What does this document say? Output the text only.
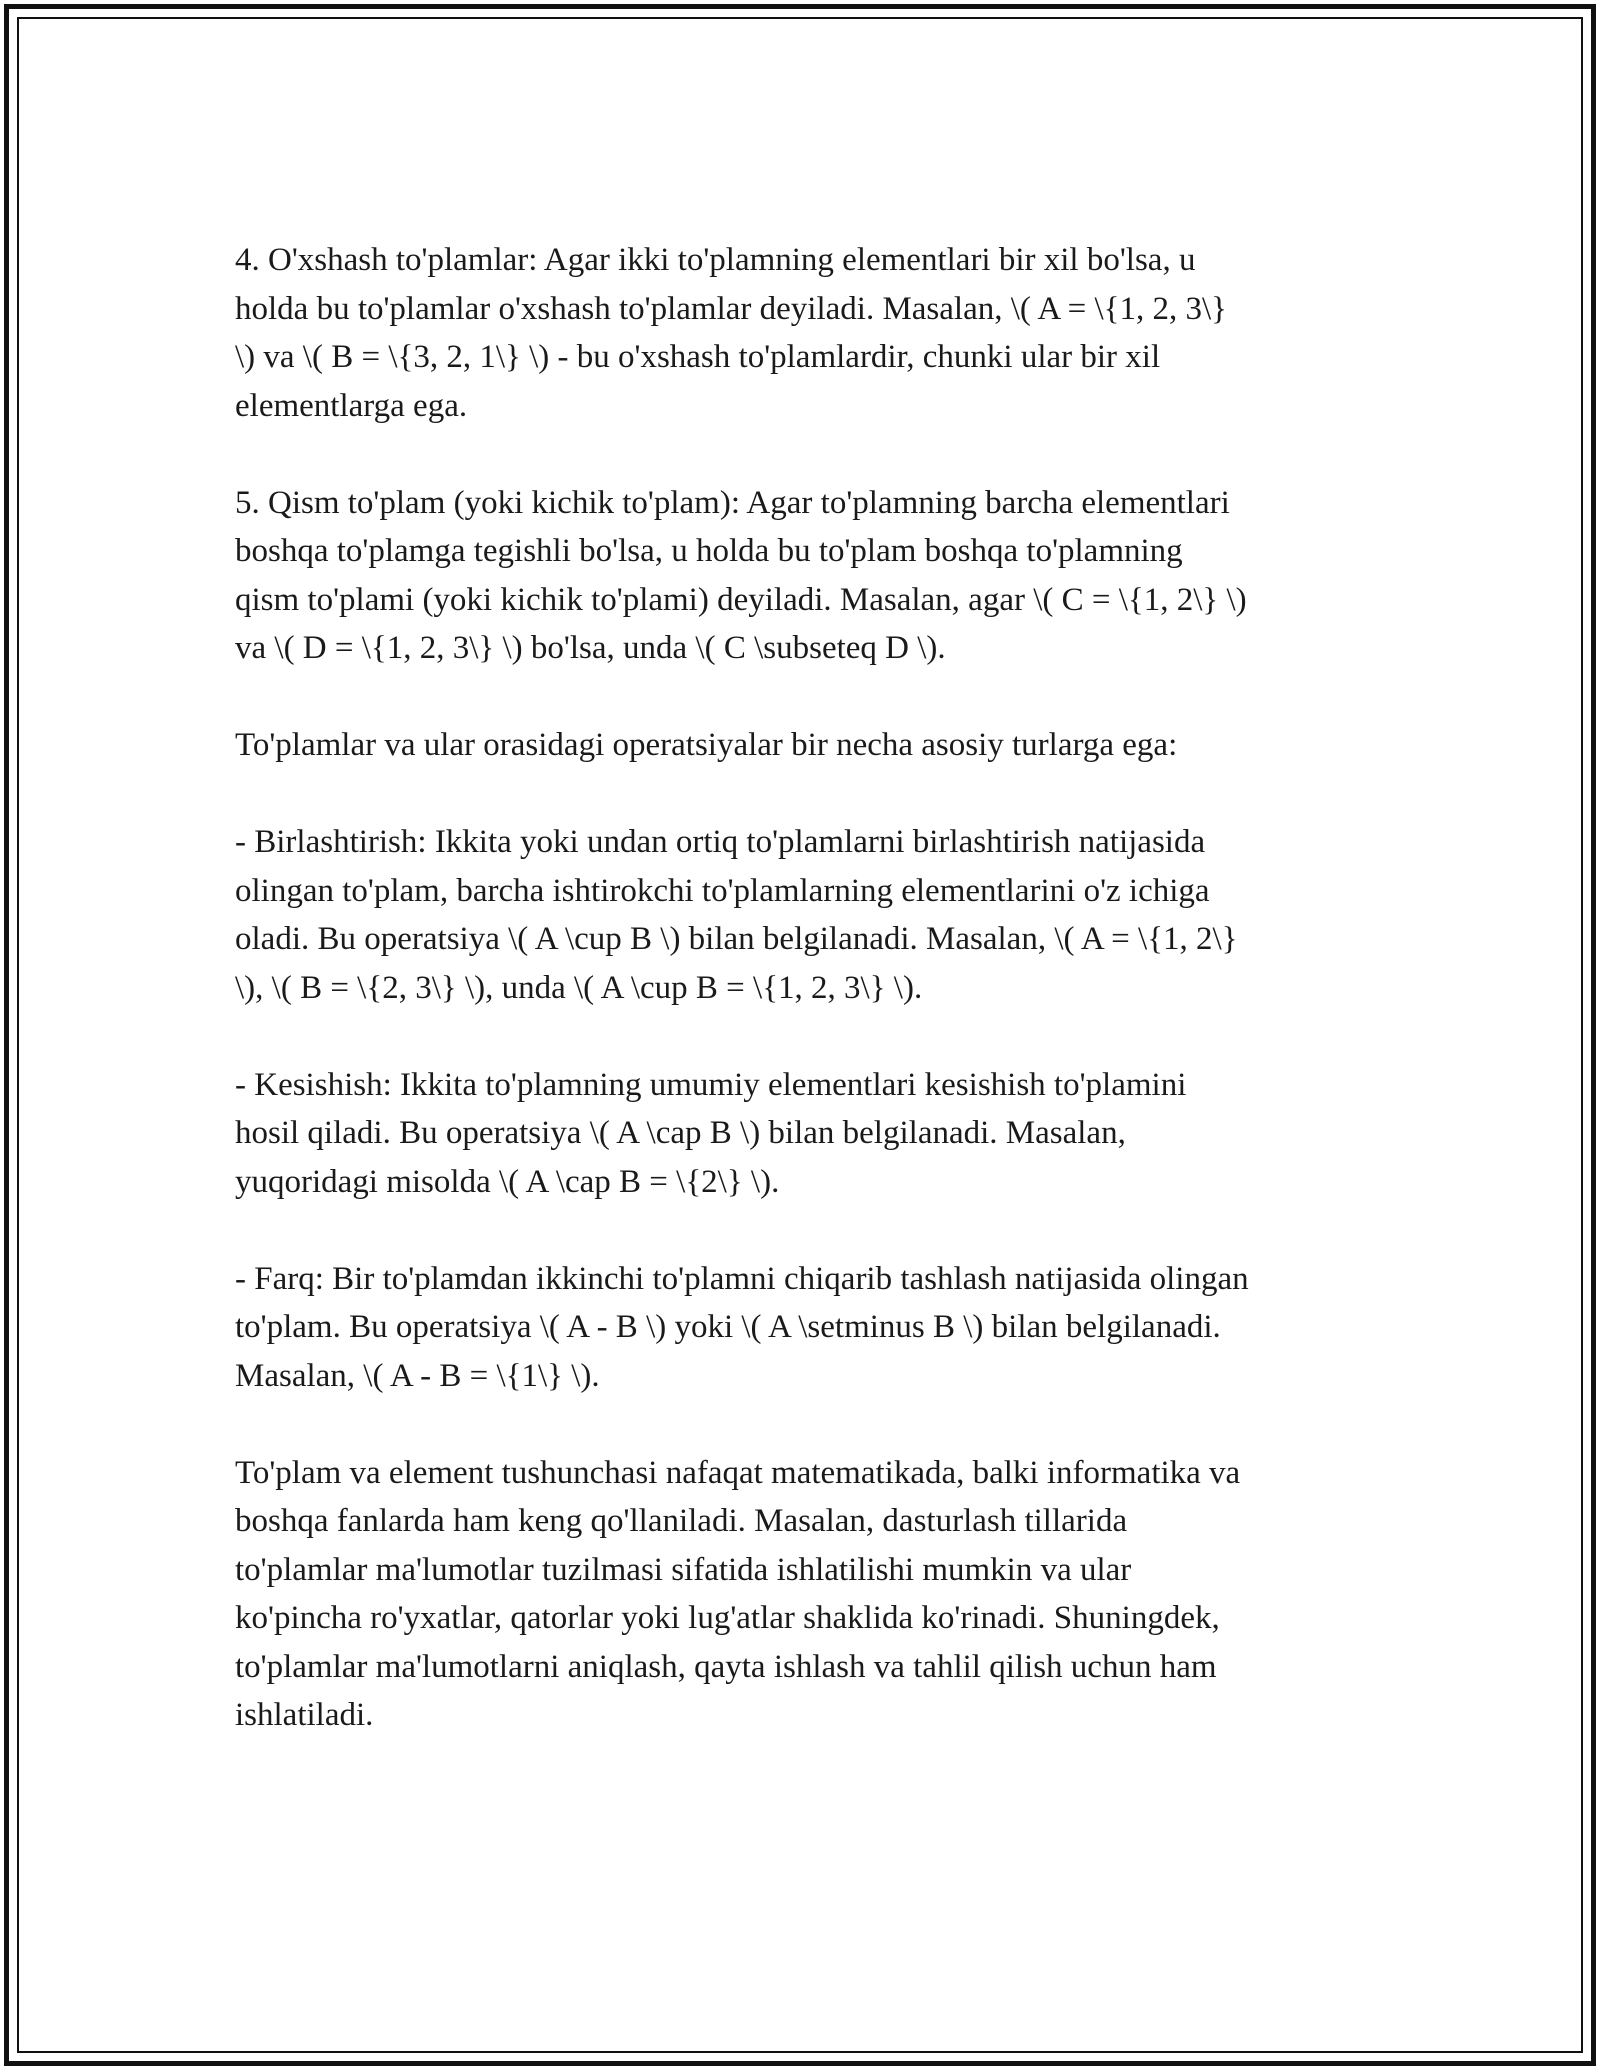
4. O'xshash to'plamlar: Agar ikki to'plamning elementlari bir xil bo'lsa, u
holda bu to'plamlar o'xshash to'plamlar deyiladi. Masalan, \( A = \{1, 2, 3\}
\) va \( B = \{3, 2, 1\} \) - bu o'xshash to'plamlardir, chunki ular bir xil
elementlarga ega.

5. Qism to'plam (yoki kichik to'plam): Agar to'plamning barcha elementlari
boshqa to'plamga tegishli bo'lsa, u holda bu to'plam boshqa to'plamning
qism to'plami (yoki kichik to'plami) deyiladi. Masalan, agar \( C = \{1, 2\} \)
va \( D = \{1, 2, 3\} \) bo'lsa, unda \( C \subseteq D \).

To'plamlar va ular orasidagi operatsiyalar bir necha asosiy turlarga ega:

- Birlashtirish: Ikkita yoki undan ortiq to'plamlarni birlashtirish natijasida
olingan to'plam, barcha ishtirokchi to'plamlarning elementlarini o'z ichiga
oladi. Bu operatsiya \( A \cup B \) bilan belgilanadi. Masalan, \( A = \{1, 2\}
\), \( B = \{2, 3\} \), unda \( A \cup B = \{1, 2, 3\} \).

- Kesishish: Ikkita to'plamning umumiy elementlari kesishish to'plamini
hosil qiladi. Bu operatsiya \( A \cap B \) bilan belgilanadi. Masalan,
yuqoridagi misolda \( A \cap B = \{2\} \).

- Farq: Bir to'plamdan ikkinchi to'plamni chiqarib tashlash natijasida olingan
to'plam. Bu operatsiya \( A - B \) yoki \( A \setminus B \) bilan belgilanadi.
Masalan, \( A - B = \{1\} \).

To'plam va element tushunchasi nafaqat matematikada, balki informatika va
boshqa fanlarda ham keng qo'llaniladi. Masalan, dasturlash tillarida
to'plamlar ma'lumotlar tuzilmasi sifatida ishlatilishi mumkin va ular
ko'pincha ro'yxatlar, qatorlar yoki lug'atlar shaklida ko'rinadi. Shuningdek,
to'plamlar ma'lumotlarni aniqlash, qayta ishlash va tahlil qilish uchun ham
ishlatiladi.
